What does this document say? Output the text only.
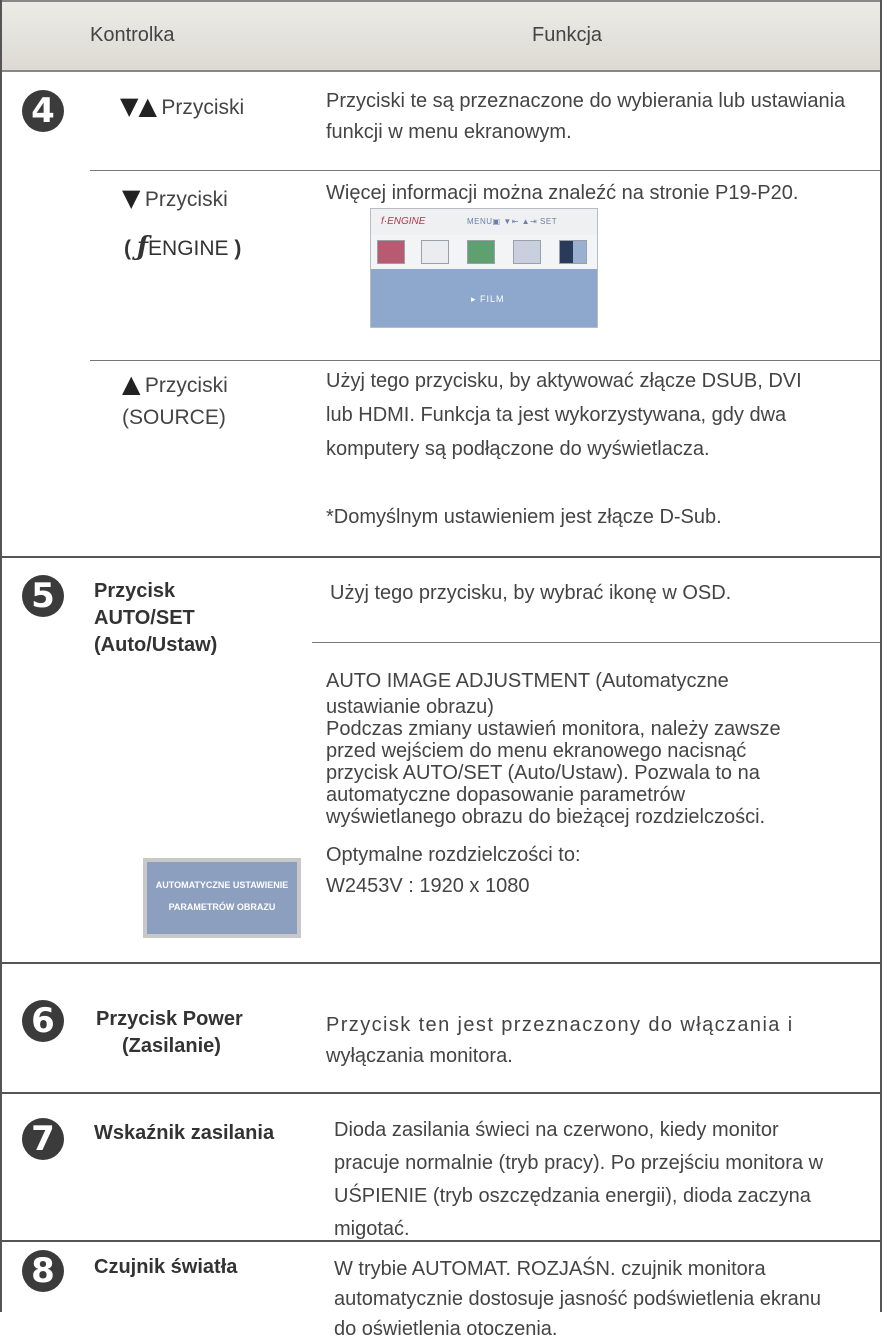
Kontrolka	Funkcja
4	▼▲ Przyciski	Przyciski te są przeznaczone do wybierania lub ustawiania
funkcji w menu ekranowym.
▼ Przyciski
( ƒENGINE )
Więcej informacji można znaleźć na stronie P19-P20.
f·ENGINE	MENU▣ ▼⇤ ▲⇥ SET
▸ FILM
▲ Przyciski
(SOURCE)
Użyj tego przycisku, by aktywować złącze DSUB, DVI
lub HDMI. Funkcja ta jest wykorzystywana, gdy dwa
komputery są podłączone do wyświetlacza.
*Domyślnym ustawieniem jest złącze D-Sub.
5	Przycisk
AUTO/SET
(Auto/Ustaw)
Użyj tego przycisku, by wybrać ikonę w OSD.
AUTO IMAGE ADJUSTMENT (Automatyczne
ustawianie obrazu)
Podczas zmiany ustawień monitora, należy zawsze
przed wejściem do menu ekranowego nacisnąć
przycisk AUTO/SET (Auto/Ustaw). Pozwala to na
automatyczne dopasowanie parametrów
wyświetlanego obrazu do bieżącej rozdzielczości.
Optymalne rozdzielczości to:
W2453V : 1920 x 1080
AUTOMATYCZNE USTAWIENIE
PARAMETRÓW OBRAZU
6	Przycisk Power
(Zasilanie)
Przycisk ten jest przeznaczony do włączania i
wyłączania monitora.
7	Wskaźnik zasilania	Dioda zasilania świeci na czerwono, kiedy monitor
pracuje normalnie (tryb pracy). Po przejściu monitora w
UŚPIENIE (tryb oszczędzania energii), dioda zaczyna
migotać.
8	Czujnik światła	W trybie AUTOMAT. ROZJAŚN. czujnik monitora
automatycznie dostosuje jasność podświetlenia ekranu
do oświetlenia otoczenia.
